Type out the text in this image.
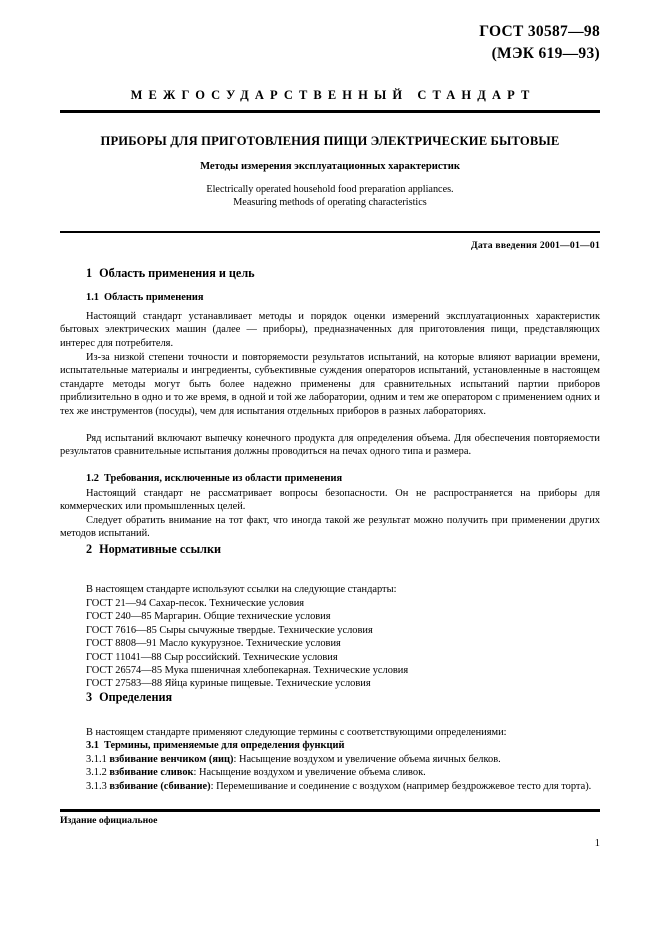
ГОСТ 30587—98
(МЭК 619—93)
МЕЖГОСУДАРСТВЕННЫЙ СТАНДАРТ
ПРИБОРЫ ДЛЯ ПРИГОТОВЛЕНИЯ ПИЩИ ЭЛЕКТРИЧЕСКИЕ БЫТОВЫЕ
Методы измерения эксплуатационных характеристик
Electrically operated household food preparation appliances.
Measuring methods of operating characteristics
Дата введения 2001—01—01
1 Область применения и цель
1.1 Область применения

Настоящий стандарт устанавливает методы и порядок оценки измерений эксплуатационных характеристик бытовых электрических машин (далее — приборы), предназначенных для приготовления пищи, представляющих интерес для потребителя.

Из-за низкой степени точности и повторяемости результатов испытаний, на которые влияют вариации времени, испытательные материалы и ингредиенты, субъективные суждения операторов испытаний, установленные в настоящем стандарте методы могут быть более надежно применены для сравнительных испытаний партии приборов приблизительно в одно и то же время, в одной и той же лаборатории, одним и тем же оператором с применением одних и тех же инструментов (посуды), чем для испытания отдельных приборов в разных лабораториях.

Ряд испытаний включают выпечку конечного продукта для определения объема. Для обеспечения повторяемости результатов сравнительные испытания должны проводиться на печах одного типа и размера.

1.2 Требования, исключенные из области применения

Настоящий стандарт не рассматривает вопросы безопасности. Он не распространяется на приборы для коммерческих или промышленных целей.

Следует обратить внимание на тот факт, что иногда такой же результат можно получить при применении других методов испытаний.

2 Нормативные ссылки

В настоящем стандарте используют ссылки на следующие стандарты:

ГОСТ 21—94 Сахар-песок. Технические условия

ГОСТ 240—85 Маргарин. Общие технические условия

ГОСТ 7616—85 Сыры сычужные твердые. Технические условия

ГОСТ 8808—91 Масло кукурузное. Технические условия

ГОСТ 11041—88 Сыр российский. Технические условия

ГОСТ 26574—85 Мука пшеничная хлебопекарная. Технические условия

ГОСТ 27583—88 Яйца куриные пищевые. Технические условия

3 Определения

В настоящем стандарте применяют следующие термины с соответствующими определениями:

3.1 Термины, применяемые для определения функций

3.1.1 взбивание венчиком (яиц): Насыщение воздухом и увеличение объема яичных белков.

3.1.2 взбивание сливок: Насыщение воздухом и увеличение объема сливок.

3.1.3 взбивание (сбивание): Перемешивание и соединение с воздухом (например бездрожжевое тесто для торта).

Издание официальное
1
